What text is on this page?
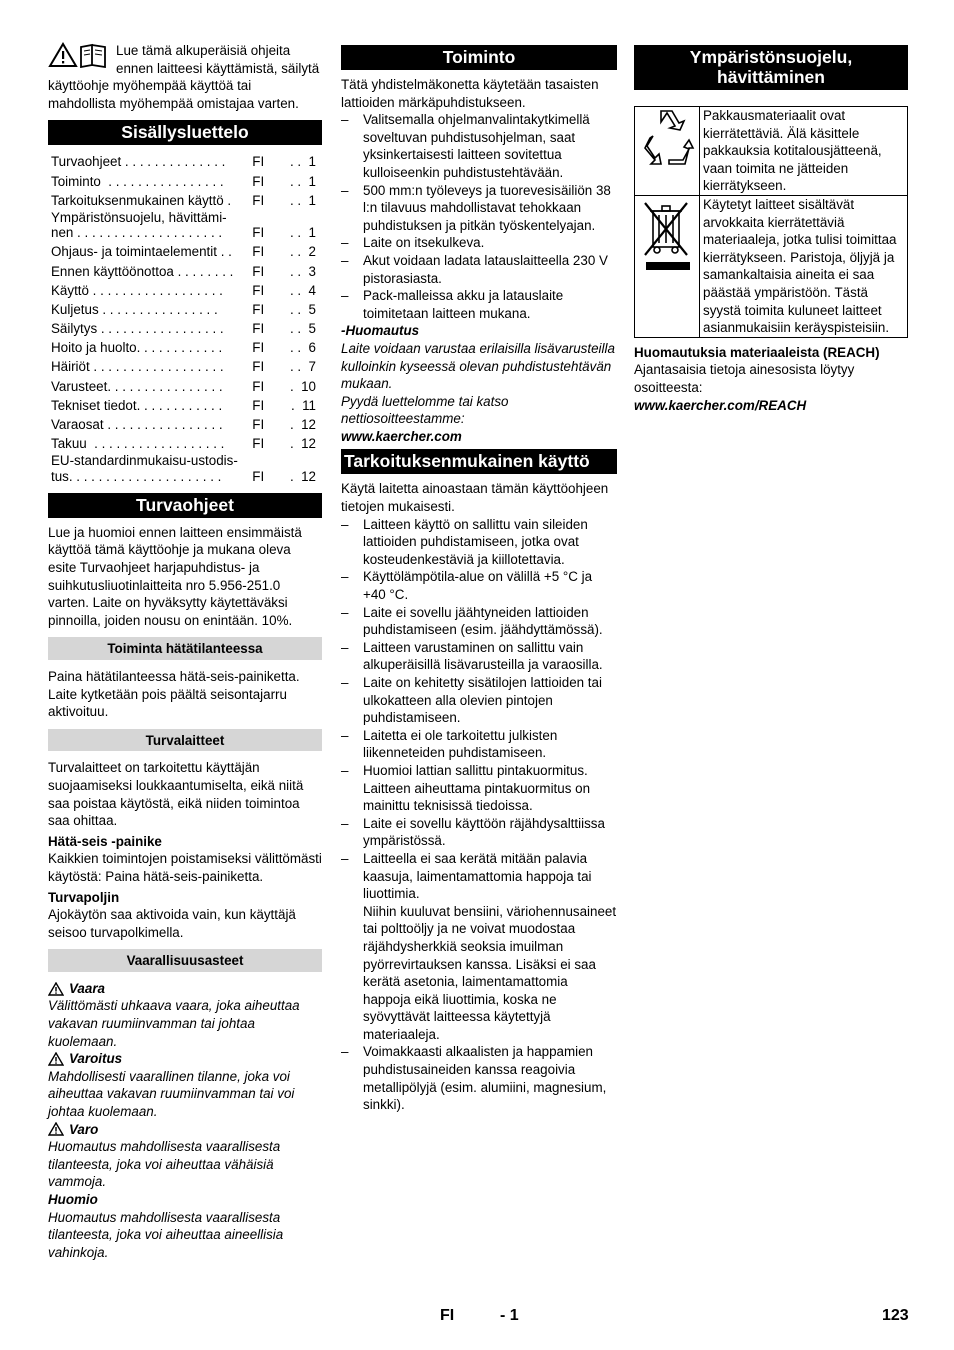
Lue tämä alkuperäisiä ohjeita ennen laitteesi käyttämistä, säilytä käyttöohje myöhempää käyttöä tai mahdollista myöhempää omistajaa varten.

Sisällysluettelo
Turvaohjeet . . . . . . . . . . . . . .	FI	. .  1
Toiminto  . . . . . . . . . . . . . . . .	FI	. .  1
Tarkoituksenmukainen käyttö .	FI	. .  1
Ympäristönsuojelu, hävittämi-
nen . . . . . . . . . . . . . . . . . . . .	FI	. .  1
Ohjaus- ja toimintaelementit . .	FI	. .  2
Ennen käyttöönottoa . . . . . . . .	FI	. .  3
Käyttö . . . . . . . . . . . . . . . . . .	FI	. .  4
Kuljetus . . . . . . . . . . . . . . . .	FI	. .  5
Säilytys . . . . . . . . . . . . . . . . .	FI	. .  5
Hoito ja huolto. . . . . . . . . . . .	FI	. .  6
Häiriöt . . . . . . . . . . . . . . . . . .	FI	. .  7
Varusteet. . . . . . . . . . . . . . . .	FI	.  10
Tekniset tiedot. . . . . . . . . . . .	FI	.  11
Varaosat . . . . . . . . . . . . . . . .	FI	.  12
Takuu  . . . . . . . . . . . . . . . . . .	FI	.  12
EU-standardinmukaisu-ustodis-
tus. . . . . . . . . . . . . . . . . . . . .	FI	.  12
Turvaohjeet

Lue ja huomioi ennen laitteen ensimmäistä käyttöä tämä käyttöohje ja mukana oleva esite Turvaohjeet harjapuhdistus- ja suihkutusliuotinlaitteita nro 5.956-251.0 varten. Laite on hyväksytty käytettäväksi pinnoilla, joiden nousu on enintään. 10%.

Toiminta hätätilanteessa

Paina hätätilanteessa hätä-seis-painiketta. Laite kytketään pois päältä seisontajarru aktivoituu.

Turvalaitteet

Turvalaitteet on tarkoitettu käyttäjän suojaamiseksi loukkaantumiselta, eikä niitä saa poistaa käytöstä, eikä niiden toimintoa saa ohittaa.

Hätä-seis -painike

Kaikkien toimintojen poistamiseksi välittömästi käytöstä: Paina hätä-seis-painiketta.

Turvapoljin

Ajokäytön saa aktivoida vain, kun käyttäjä seisoo turvapolkimella.

Vaarallisuusasteet
Vaara

Välittömästi uhkaava vaara, joka aiheuttaa vakavan ruumiinvamman tai johtaa kuolemaan.

Varoitus

Mahdollisesti vaarallinen tilanne, joka voi aiheuttaa vakavan ruumiinvamman tai voi johtaa kuolemaan.

Varo

Huomautus mahdollisesta vaarallisesta tilanteesta, joka voi aiheuttaa vähäisiä vammoja.

Huomio

Huomautus mahdollisesta vaarallisesta tilanteesta, joka voi aiheuttaa aineellisia vahinkoja.

Toiminto

Tätä yhdistelmäkonetta käytetään tasaisten lattioiden märkäpuhdistukseen.

– Valitsemalla ohjelmanvalintakytkimellä soveltuvan puhdistusohjelman, saat yksinkertaisesti laitteen sovitettua kulloiseenkin puhdistustehtävään.
– 500 mm:n työleveys ja tuorevesisäiliön 38 l:n tilavuus mahdollistavat tehokkaan puhdistuksen ja pitkän työskentelyajan.
– Laite on itsekulkeva.
– Akut voidaan ladata latauslaitteella 230 V pistorasiasta.
– Pack-malleissa akku ja latauslaite toimitetaan laitteen mukana.

-Huomautus

Laite voidaan varustaa erilaisilla lisävarusteilla kulloinkin kyseessä olevan puhdistustehtävän mukaan.

Pyydä luettelomme tai katso nettiosoitteestamme:

www.kaercher.com

Tarkoituksenmukainen käyttö

Käytä laitetta ainoastaan tämän käyttöohjeen tietojen mukaisesti.

– Laitteen käyttö on sallittu vain sileiden lattioiden puhdistamiseen, jotka ovat kosteudenkestäviä ja kiillotettavia.
– Käyttölämpötila-alue on välillä +5 °C ja +40 °C.
– Laite ei sovellu jäähtyneiden lattioiden puhdistamiseen (esim. jäähdyttämössä).
– Laitteen varustaminen on sallittu vain alkuperäisillä lisävarusteilla ja varaosilla.
– Laite on kehitetty sisätilojen lattioiden tai ulkokatteen alla olevien pintojen puhdistamiseen.
– Laitetta ei ole tarkoitettu julkisten liikenneteiden puhdistamiseen.
– Huomioi lattian sallittu pintakuormitus. Laitteen aiheuttama pintakuormitus on mainittu teknisissä tiedoissa.
– Laite ei sovellu käyttöön räjähdysalttiissa ympäristössä.
– Laitteella ei saa kerätä mitään palavia kaasuja, laimentamattomia happoja tai liuottimia.
Niihin kuuluvat bensiini, väriohennusaineet tai polttoöljy ja ne voivat muodostaa räjähdysherkkiä seoksia imuilman pyörrevirtauksen kanssa. Lisäksi ei saa kerätä asetonia, laimentamattomia happoja eikä liuottimia, koska ne syövyttävät laitteessa käytettyjä materiaaleja.
– Voimakkaasti alkaalisten ja happamien puhdistusaineiden kanssa reagoivia metallipölyjä (esim. alumiini, magnesium, sinkki).
Ympäristönsuojelu, hävittäminen
	Pakkausmateriaalit ovat kierrätettäviä. Älä käsittele pakkauksia kotitalousjätteenä, vaan toimita ne jätteiden kierrätykseen.
	Käytetyt laitteet sisältävät arvokkaita kierrätettäviä materiaaleja, jotka tulisi toimittaa kierrätykseen. Paristoja, öljyjä ja samankaltaisia aineita ei saa päästää ympäristöön. Tästä syystä toimita kuluneet laitteet asianmukaisiin keräyspisteisiin.

Huomautuksia materiaaleista (REACH)

Ajantasaisia tietoja ainesosista löytyy osoitteesta:

www.kaercher.com/REACH

FI	- 1	123
